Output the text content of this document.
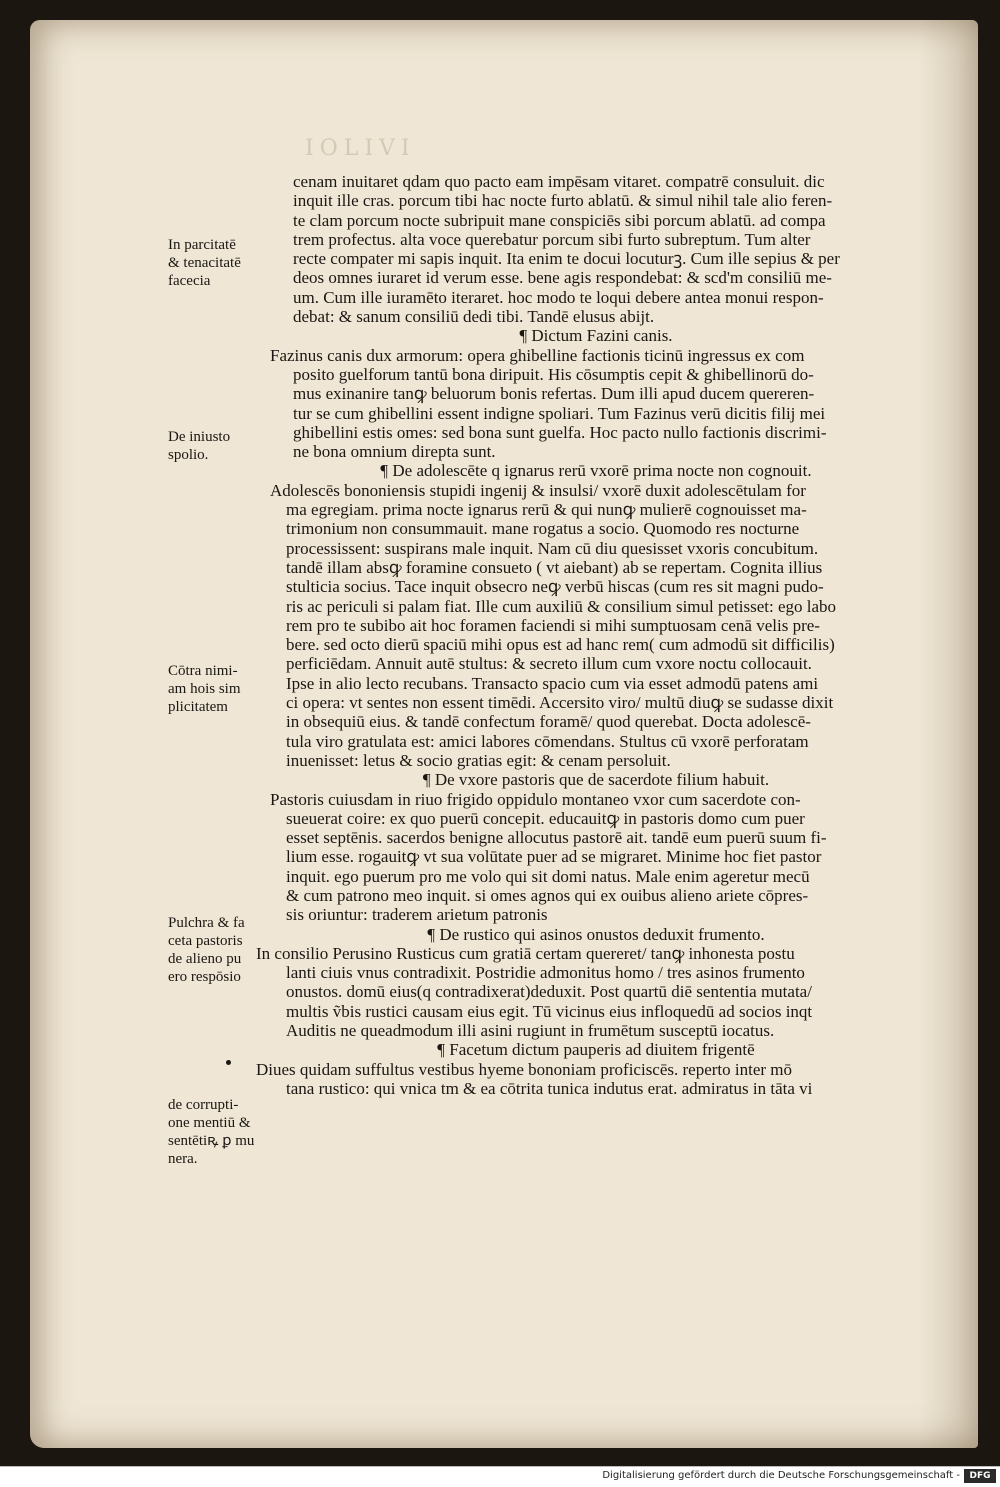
IOLIVI
cenam inuitaret qdam quo pacto eam impēsam vitaret. compatrē consuluit. dic
inquit ille cras. porcum tibi hac nocte furto ablatū. & simul nihil tale alio feren-
te clam porcum nocte subripuit mane conspiciēs sibi porcum ablatū. ad compa
trem profectus. alta voce querebatur porcum sibi furto subreptum. Tum alter
recte compater mi sapis inquit. Ita enim te docui locuturꝫ. Cum ille sepius & per
deos omnes iuraret id verum esse. bene agis respondebat: & scd'm consiliū me-
um. Cum ille iuramēto iteraret. hoc modo te loqui debere antea monui respon-
debat: & sanum consiliū dedi tibi. Tandē elusus abijt.
¶ Dictum Fazini canis.
Fazinus canis dux armorum: opera ghibelline factionis ticinū ingressus ex com
posito guelforum tantū bona diripuit. His cōsumptis cepit & ghibellinorū do-
mus exinanire tanꝙ beluorum bonis refertas. Dum illi apud ducem quereren-
tur se cum ghibellini essent indigne spoliari. Tum Fazinus verū dicitis filij mei
ghibellini estis omes: sed bona sunt guelfa. Hoc pacto nullo factionis discrimi-
ne bona omnium direpta sunt.
¶ De adolescēte q ignarus rerū vxorē prima nocte non cognouit.
Adolescēs bononiensis stupidi ingenij & insulsi/ vxorē duxit adolescētulam for
ma egregiam. prima nocte ignarus rerū & qui nunꝙ mulierē cognouisset ma-
trimonium non consummauit. mane rogatus a socio. Quomodo res nocturne
processissent: suspirans male inquit. Nam cū diu quesisset vxoris concubitum.
tandē illam absꝙ foramine consueto ( vt aiebant) ab se repertam. Cognita illius
stulticia socius. Tace inquit obsecro neꝙ verbū hiscas (cum res sit magni pudo-
ris ac periculi si palam fiat. Ille cum auxiliū & consilium simul petisset: ego labo
rem pro te subibo ait hoc foramen faciendi si mihi sumptuosam cenā velis pre-
bere. sed octo dierū spaciū mihi opus est ad hanc rem( cum admodū sit difficilis)
perficiēdam. Annuit autē stultus: & secreto illum cum vxore noctu collocauit.
Ipse in alio lecto recubans. Transacto spacio cum via esset admodū patens ami
ci opera: vt sentes non essent timēdi. Accersito viro/ multū diuꝙ se sudasse dixit
in obsequiū eius. & tandē confectum foramē/ quod querebat. Docta adolescē-
tula viro gratulata est: amici labores cōmendans. Stultus cū vxorē perforatam
inuenisset: letus & socio gratias egit: & cenam persoluit.
¶ De vxore pastoris que de sacerdote filium habuit.
Pastoris cuiusdam in riuo frigido oppidulo montaneo vxor cum sacerdote con-
sueuerat coire: ex quo puerū concepit. educauitꝙ in pastoris domo cum puer
esset septēnis. sacerdos benigne allocutus pastorē ait. tandē eum puerū suum fi-
lium esse. rogauitꝙ vt sua volūtate puer ad se migraret. Minime hoc fiet pastor
inquit. ego puerum pro me volo qui sit domi natus. Male enim ageretur mecū
& cum patrono meo inquit. si omes agnos qui ex ouibus alieno ariete cōpres-
sis oriuntur: traderem arietum patronis
¶ De rustico qui asinos onustos deduxit frumento.
In consilio Perusino Rusticus cum gratiā certam quereret/ tanꝙ inhonesta postu
lanti ciuis vnus contradixit. Postridie admonitus homo / tres asinos frumento
onustos. domū eius(q contradixerat)deduxit. Post quartū diē sententia mutata/
multis ṽbis rustici causam eius egit. Tū vicinus eius infloquedū ad socios inqt
Auditis ne queadmodum illi asini rugiunt in frumētum susceptū iocatus.
¶ Facetum dictum pauperis ad diuitem frigentē
Diues quidam suffultus vestibus hyeme bononiam proficiscēs. reperto inter mō
tana rustico: qui vnica tm & ea cōtrita tunica indutus erat. admiratus in tāta vi
In parcitatē
& tenacitatē
facecia
De iniusto
spolio.
Cōtra nimi-
am hois sim
plicitatem
Pulchra & fa
ceta pastoris
de alieno pu
ero respōsio
de corrupti-
one mentiū &
sentētiꝶ ꝑ mu
nera.
Digitalisierung gefördert durch die Deutsche Forschungsgemeinschaft -	DFG
